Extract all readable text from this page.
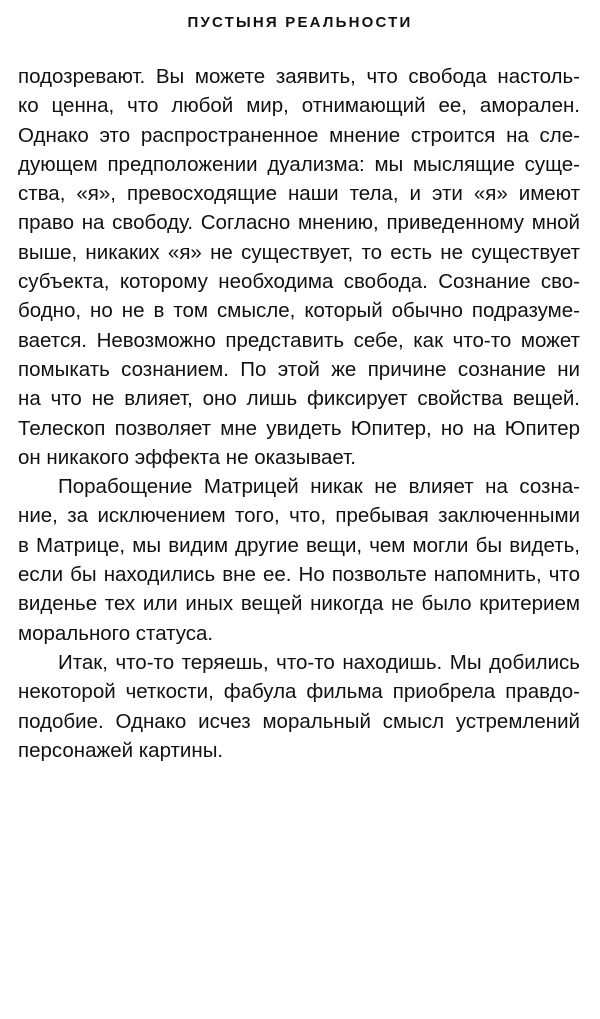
ПУСТЫНЯ РЕАЛЬНОСТИ
подозревают. Вы можете заявить, что свобода настоль-
ко ценна, что любой мир, отнимающий ее, аморален.
Однако это распространенное мнение строится на сле-
дующем предположении дуализма: мы мыслящие суще-
ства, «я», превосходящие наши тела, и эти «я» имеют
право на свободу. Согласно мнению, приведенному мной
выше, никаких «я» не существует, то есть не существует
субъекта, которому необходима свобода. Сознание сво-
бодно, но не в том смысле, который обычно подразуме-
вается. Невозможно представить себе, как что-то может
помыкать сознанием. По этой же причине сознание ни
на что не влияет, оно лишь фиксирует свойства вещей.
Телескоп позволяет мне увидеть Юпитер, но на Юпитер
он никакого эффекта не оказывает.
Порабощение Матрицей никак не влияет на созна-
ние, за исключением того, что, пребывая заключенными
в Матрице, мы видим другие вещи, чем могли бы видеть,
если бы находились вне ее. Но позвольте напомнить, что
виденье тех или иных вещей никогда не было критерием
морального статуса.
Итак, что-то теряешь, что-то находишь. Мы добились
некоторой четкости, фабула фильма приобрела правдо-
подобие. Однако исчез моральный смысл устремлений
персонажей картины.
